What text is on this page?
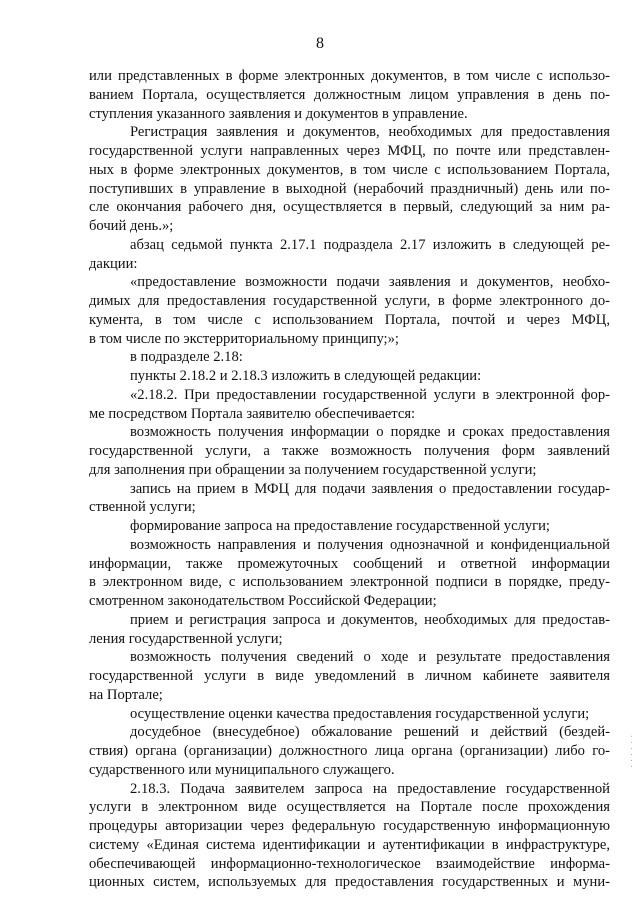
8
или представленных в форме электронных документов, в том числе с использо-
ванием Портала, осуществляется должностным лицом управления в день по-
ступления указанного заявления и документов в управление.
Регистрация заявления и документов, необходимых для предоставления
государственной услуги направленных через МФЦ, по почте или представлен-
ных в форме электронных документов, в том числе с использованием Портала,
поступивших в управление в выходной (нерабочий праздничный) день или по-
сле окончания рабочего дня, осуществляется в первый, следующий за ним ра-
бочий день.»;
абзац седьмой пункта 2.17.1 подраздела 2.17 изложить в следующей ре-
дакции:
«предоставление возможности подачи заявления и документов, необхо-
димых для предоставления государственной услуги, в форме электронного до-
кумента, в том числе с использованием Портала, почтой и через МФЦ,
в том числе по экстерриториальному принципу;»;
в подразделе 2.18:
пункты 2.18.2 и 2.18.3 изложить в следующей редакции:
«2.18.2. При предоставлении государственной услуги в электронной фор-
ме посредством Портала заявителю обеспечивается:
возможность получения информации о порядке и сроках предоставления
государственной услуги, а также возможность получения форм заявлений
для заполнения при обращении за получением государственной услуги;
запись на прием в МФЦ для подачи заявления о предоставлении государ-
ственной услуги;
формирование запроса на предоставление государственной услуги;
возможность направления и получения однозначной и конфиденциальной
информации, также промежуточных сообщений и ответной информации
в электронном виде, с использованием электронной подписи в порядке, преду-
смотренном законодательством Российской Федерации;
прием и регистрация запроса и документов, необходимых для предостав-
ления государственной услуги;
возможность получения сведений о ходе и результате предоставления
государственной услуги в виде уведомлений в личном кабинете заявителя
на Портале;
осуществление оценки качества предоставления государственной услуги;
досудебное (внесудебное) обжалование решений и действий (бездей-
ствия) органа (организации) должностного лица органа (организации) либо го-
сударственного или муниципального служащего.
2.18.3. Подача заявителем запроса на предоставление государственной
услуги в электронном виде осуществляется на Портале после прохождения
процедуры авторизации через федеральную государственную информационную
систему «Единая система идентификации и аутентификации в инфраструктуре,
обеспечивающей информационно-технологическое взаимодействие информа-
ционных систем, используемых для предоставления государственных и муни-
· · · · · ·
